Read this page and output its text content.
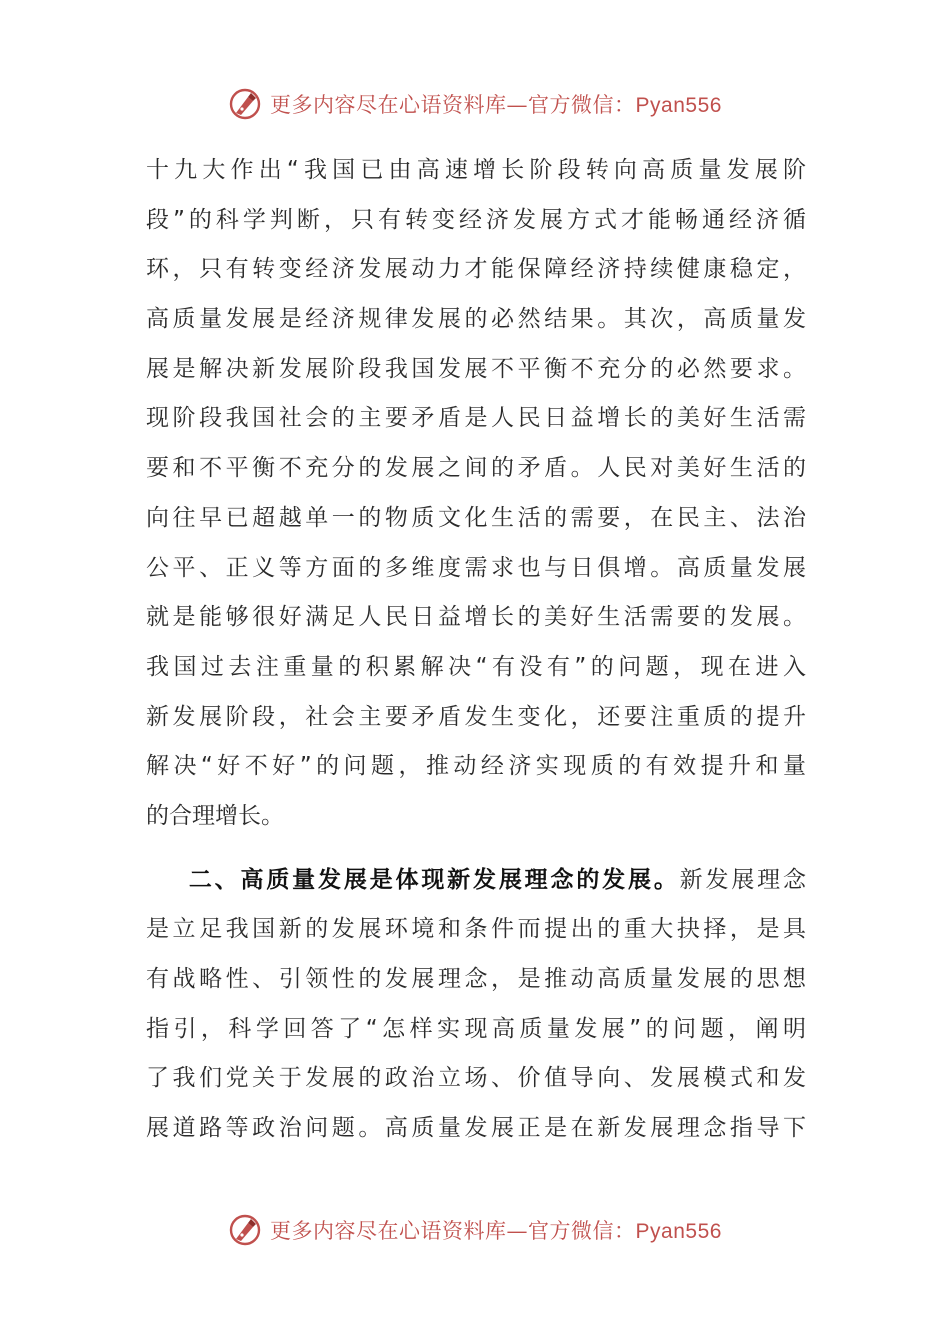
更多内容尽在心语资料库—官方微信：Pyan556
十九大作出“我国已由高速增长阶段转向高质量发展阶
段”的科学判断，只有转变经济发展方式才能畅通经济循
环，只有转变经济发展动力才能保障经济持续健康稳定，
高质量发展是经济规律发展的必然结果。其次，高质量发
展是解决新发展阶段我国发展不平衡不充分的必然要求。
现阶段我国社会的主要矛盾是人民日益增长的美好生活需
要和不平衡不充分的发展之间的矛盾。人民对美好生活的
向往早已超越单一的物质文化生活的需要，在民主、法治
公平、正义等方面的多维度需求也与日俱增。高质量发展
就是能够很好满足人民日益增长的美好生活需要的发展。
我国过去注重量的积累解决“有没有”的问题，现在进入
新发展阶段，社会主要矛盾发生变化，还要注重质的提升
解决“好不好”的问题，推动经济实现质的有效提升和量
的合理增长。
二、高质量发展是体现新发展理念的发展。新发展理念
是立足我国新的发展环境和条件而提出的重大抉择，是具
有战略性、引领性的发展理念，是推动高质量发展的思想
指引，科学回答了“怎样实现高质量发展”的问题，阐明
了我们党关于发展的政治立场、价值导向、发展模式和发
展道路等政治问题。高质量发展正是在新发展理念指导下
更多内容尽在心语资料库—官方微信：Pyan556
